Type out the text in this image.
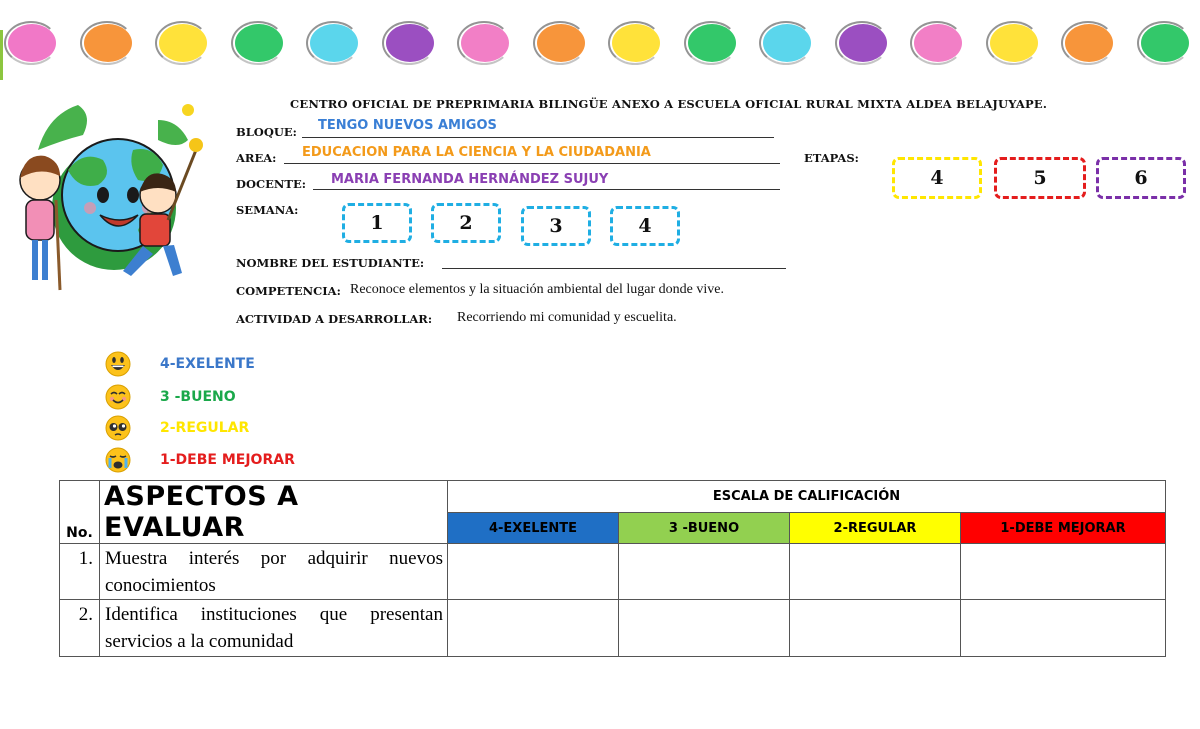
CENTRO OFICIAL DE PREPRIMARIA BILINGÜE ANEXO A ESCUELA OFICIAL RURAL MIXTA ALDEA BELAJUYAPE.
BLOQUE: TENGO NUEVOS AMIGOS
AREA: EDUCACION PARA LA CIENCIA Y LA CIUDADANIA	ETAPAS:
4	5	6
DOCENTE: MARIA FERNANDA HERNÁNDEZ SUJUY
SEMANA:
1	2	3	4
NOMBRE DEL ESTUDIANTE:
COMPETENCIA: Reconoce elementos y la situación ambiental del lugar donde vive.
ACTIVIDAD A DESARROLLAR: Recorriendo mi comunidad y escuelita.
4-EXELENTE
3 -BUENO
2-REGULAR
1-DEBE MEJORAR
No.	ASPECTOS A EVALUAR	ESCALA DE CALIFICACIÓN			
		4-EXELENTE	3 -BUENO	2-REGULAR	1-DEBE MEJORAR
1.	Muestra interés por adquirir nuevos conocimientos				
2.	Identifica instituciones que presentan servicios a la comunidad				
